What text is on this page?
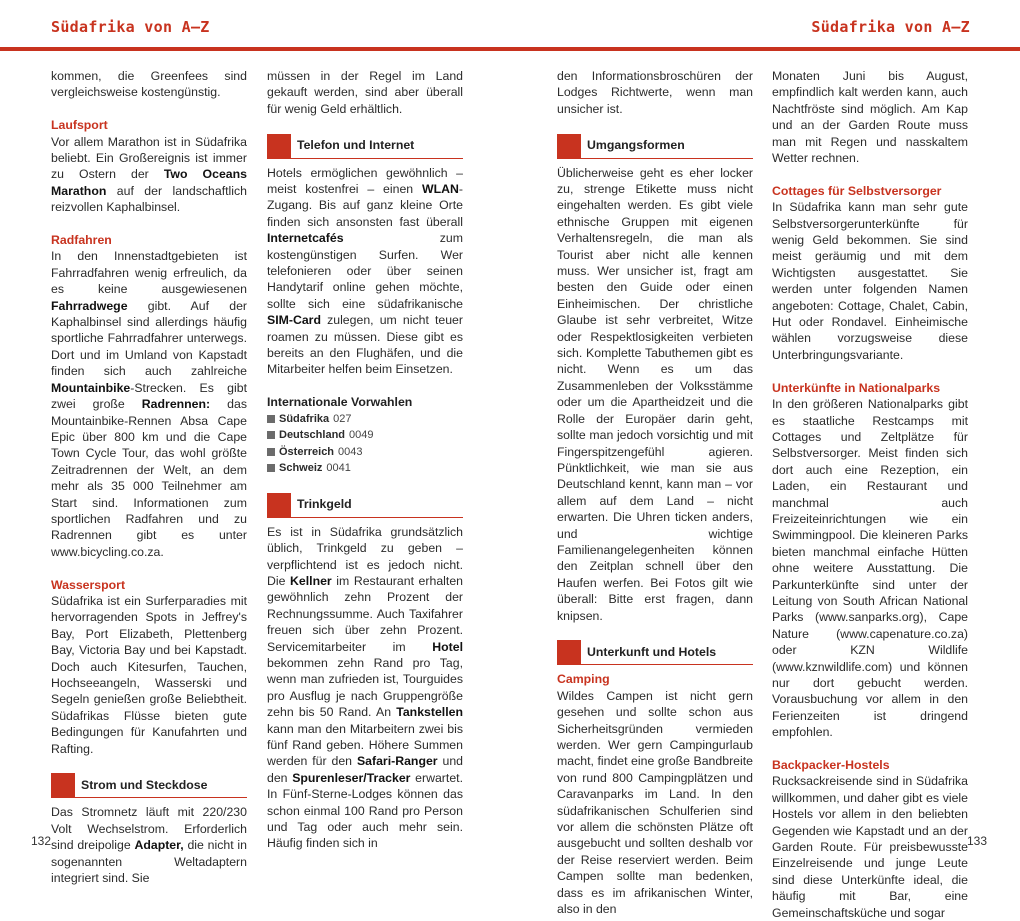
Südafrika von A–Z	Südafrika von A–Z

kommen, die Greenfees sind vergleichsweise kostengünstig.

Laufsport

Vor allem Marathon ist in Südafrika beliebt. Ein Großereignis ist immer zu Ostern der Two Oceans Marathon auf der landschaftlich reizvollen Kaphalbinsel.

Radfahren

In den Innenstadtgebieten ist Fahrradfahren wenig erfreulich, da es keine ausgewiesenen Fahrradwege gibt. Auf der Kaphalbinsel sind allerdings häufig sportliche Fahrradfahrer unterwegs. Dort und im Umland von Kapstadt finden sich auch zahlreiche Mountainbike-Strecken. Es gibt zwei große Radrennen: das Mountainbike-Rennen Absa Cape Epic über 800 km und die Cape Town Cycle Tour, das wohl größte Zeitradrennen der Welt, an dem mehr als 35 000 Teilnehmer am Start sind. Informationen zum sportlichen Radfahren und zu Radrennen gibt es unter www.bicycling.co.za.

Wassersport

Südafrika ist ein Surferparadies mit hervorragenden Spots in Jeffrey's Bay, Port Elizabeth, Plettenberg Bay, Victoria Bay und bei Kapstadt. Doch auch Kitesurfen, Tauchen, Hochseeangeln, Wasserski und Segeln genießen große Beliebtheit. Südafrikas Flüsse bieten gute Bedingungen für Kanufahrten und Rafting.

Strom und Steckdose

Das Stromnetz läuft mit 220/230 Volt Wechselstrom. Erforderlich sind dreipolige Adapter, die nicht in sogenannten Weltadaptern integriert sind. Sie

müssen in der Regel im Land gekauft werden, sind aber überall für wenig Geld erhältlich.

Telefon und Internet

Hotels ermöglichen gewöhnlich – meist kostenfrei – einen WLAN-Zugang. Bis auf ganz kleine Orte finden sich ansonsten fast überall Internetcafés zum kostengünstigen Surfen. Wer telefonieren oder über seinen Handytarif online gehen möchte, sollte sich eine südafrikanische SIM-Card zulegen, um nicht teuer roamen zu müssen. Diese gibt es bereits an den Flughäfen, und die Mitarbeiter helfen beim Einsetzen.

Internationale Vorwahlen

Südafrika 027
Deutschland 0049
Österreich 0043
Schweiz 0041
Trinkgeld

Es ist in Südafrika grundsätzlich üblich, Trinkgeld zu geben – verpflichtend ist es jedoch nicht. Die Kellner im Restaurant erhalten gewöhnlich zehn Prozent der Rechnungssumme. Auch Taxifahrer freuen sich über zehn Prozent. Servicemitarbeiter im Hotel bekommen zehn Rand pro Tag, wenn man zufrieden ist, Tourguides pro Ausflug je nach Gruppengröße zehn bis 50 Rand. An Tankstellen kann man den Mitarbeitern zwei bis fünf Rand geben. Höhere Summen werden für den Safari-Ranger und den Spurenleser/Tracker erwartet. In Fünf-Sterne-Lodges können das schon einmal 100 Rand pro Person und Tag oder auch mehr sein. Häufig finden sich in

den Informationsbroschüren der Lodges Richtwerte, wenn man unsicher ist.

Umgangsformen

Üblicherweise geht es eher locker zu, strenge Etikette muss nicht eingehalten werden. Es gibt viele ethnische Gruppen mit eigenen Verhaltensregeln, die man als Tourist aber nicht alle kennen muss. Wer unsicher ist, fragt am besten den Guide oder einen Einheimischen. Der christliche Glaube ist sehr verbreitet, Witze oder Respektlosigkeiten verbieten sich. Komplette Tabuthemen gibt es nicht. Wenn es um das Zusammenleben der Volksstämme oder um die Apartheidzeit und die Rolle der Europäer darin geht, sollte man jedoch vorsichtig und mit Fingerspitzengefühl agieren. Pünktlichkeit, wie man sie aus Deutschland kennt, kann man – vor allem auf dem Land – nicht erwarten. Die Uhren ticken anders, und wichtige Familienangelegenheiten können den Zeitplan schnell über den Haufen werfen. Bei Fotos gilt wie überall: Bitte erst fragen, dann knipsen.

Unterkunft und Hotels

Camping

Wildes Campen ist nicht gern gesehen und sollte schon aus Sicherheitsgründen vermieden werden. Wer gern Campingurlaub macht, findet eine große Bandbreite von rund 800 Campingplätzen und Caravanparks im Land. In den südafrikanischen Schulferien sind vor allem die schönsten Plätze oft ausgebucht und sollten deshalb vor der Reise reserviert werden. Beim Campen sollte man bedenken, dass es im afrikanischen Winter, also in den

Monaten Juni bis August, empfindlich kalt werden kann, auch Nachtfröste sind möglich. Am Kap und an der Garden Route muss man mit Regen und nasskaltem Wetter rechnen.

Cottages für Selbstversorger

In Südafrika kann man sehr gute Selbstversorgerunterkünfte für wenig Geld bekommen. Sie sind meist geräumig und mit dem Wichtigsten ausgestattet. Sie werden unter folgenden Namen angeboten: Cottage, Chalet, Cabin, Hut oder Rondavel. Einheimische wählen vorzugsweise diese Unterbringungsvariante.

Unterkünfte in Nationalparks

In den größeren Nationalparks gibt es staatliche Restcamps mit Cottages und Zeltplätze für Selbstversorger. Meist finden sich dort auch eine Rezeption, ein Laden, ein Restaurant und manchmal auch Freizeiteinrichtungen wie ein Swimmingpool. Die kleineren Parks bieten manchmal einfache Hütten ohne weitere Ausstattung. Die Parkunterkünfte sind unter der Leitung von South African National Parks (www.sanparks.org), Cape Nature (www.capenature.co.za) oder KZN Wildlife (www.kznwildlife.com) und können nur dort gebucht werden. Vorausbuchung vor allem in den Ferienzeiten ist dringend empfohlen.

Backpacker-Hostels

Rucksackreisende sind in Südafrika willkommen, und daher gibt es viele Hostels vor allem in den beliebten Gegenden wie Kapstadt und an der Garden Route. Für preisbewusste Einzelreisende und junge Leute sind diese Unterkünfte ideal, die häufig mit Bar, eine Gemeinschaftsküche und sogar

132	133
